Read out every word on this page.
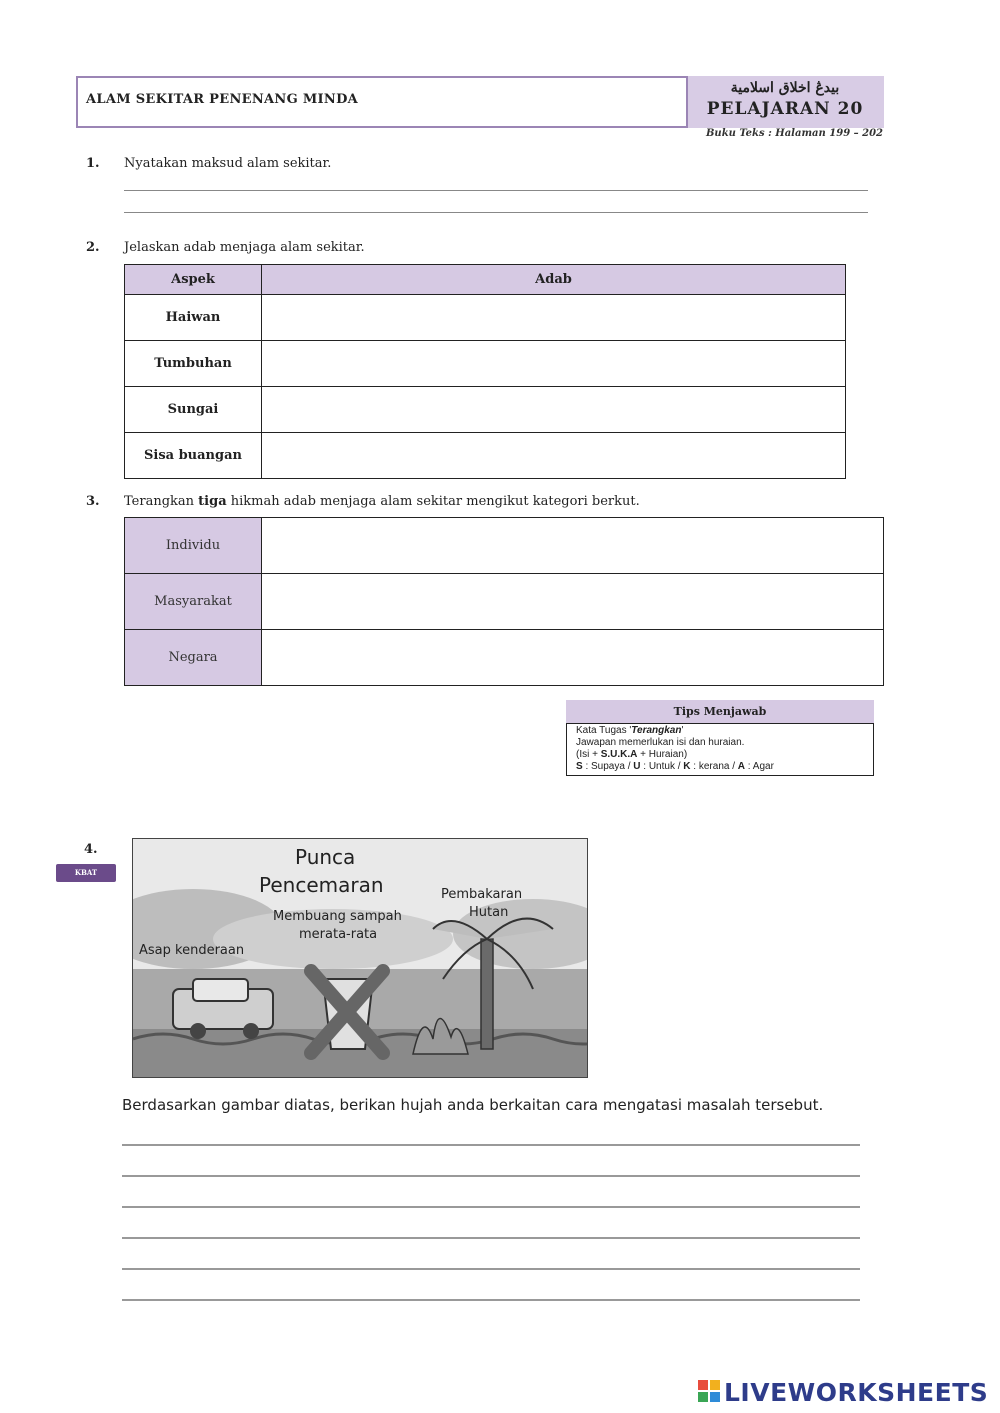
ALAM SEKITAR PENENANG MINDA
بيدڠ اخلاق اسلامية
PELAJARAN 20
Buku Teks : Halaman 199 – 202
1. Nyatakan maksud alam sekitar.
2. Jelaskan adab menjaga alam sekitar.
Aspek	Adab
Haiwan	
Tumbuhan	
Sungai	
Sisa buangan	
3. Terangkan tiga hikmah adab menjaga alam sekitar mengikut kategori berkut.
Individu	
Masyarakat	
Negara	
Tips Menjawab
Kata Tugas 'Terangkan'
Jawapan memerlukan isi dan huraian.
(Isi + S.U.K.A + Huraian)
S : Supaya / U : Untuk / K : kerana / A : Agar
4.
KBAT
Punca
Pencemaran
Membuang sampah
merata-rata
Pembakaran
Hutan
Asap kenderaan
Berdasarkan gambar diatas, berikan hujah anda berkaitan cara mengatasi masalah tersebut.
LIVEWORKSHEETS
